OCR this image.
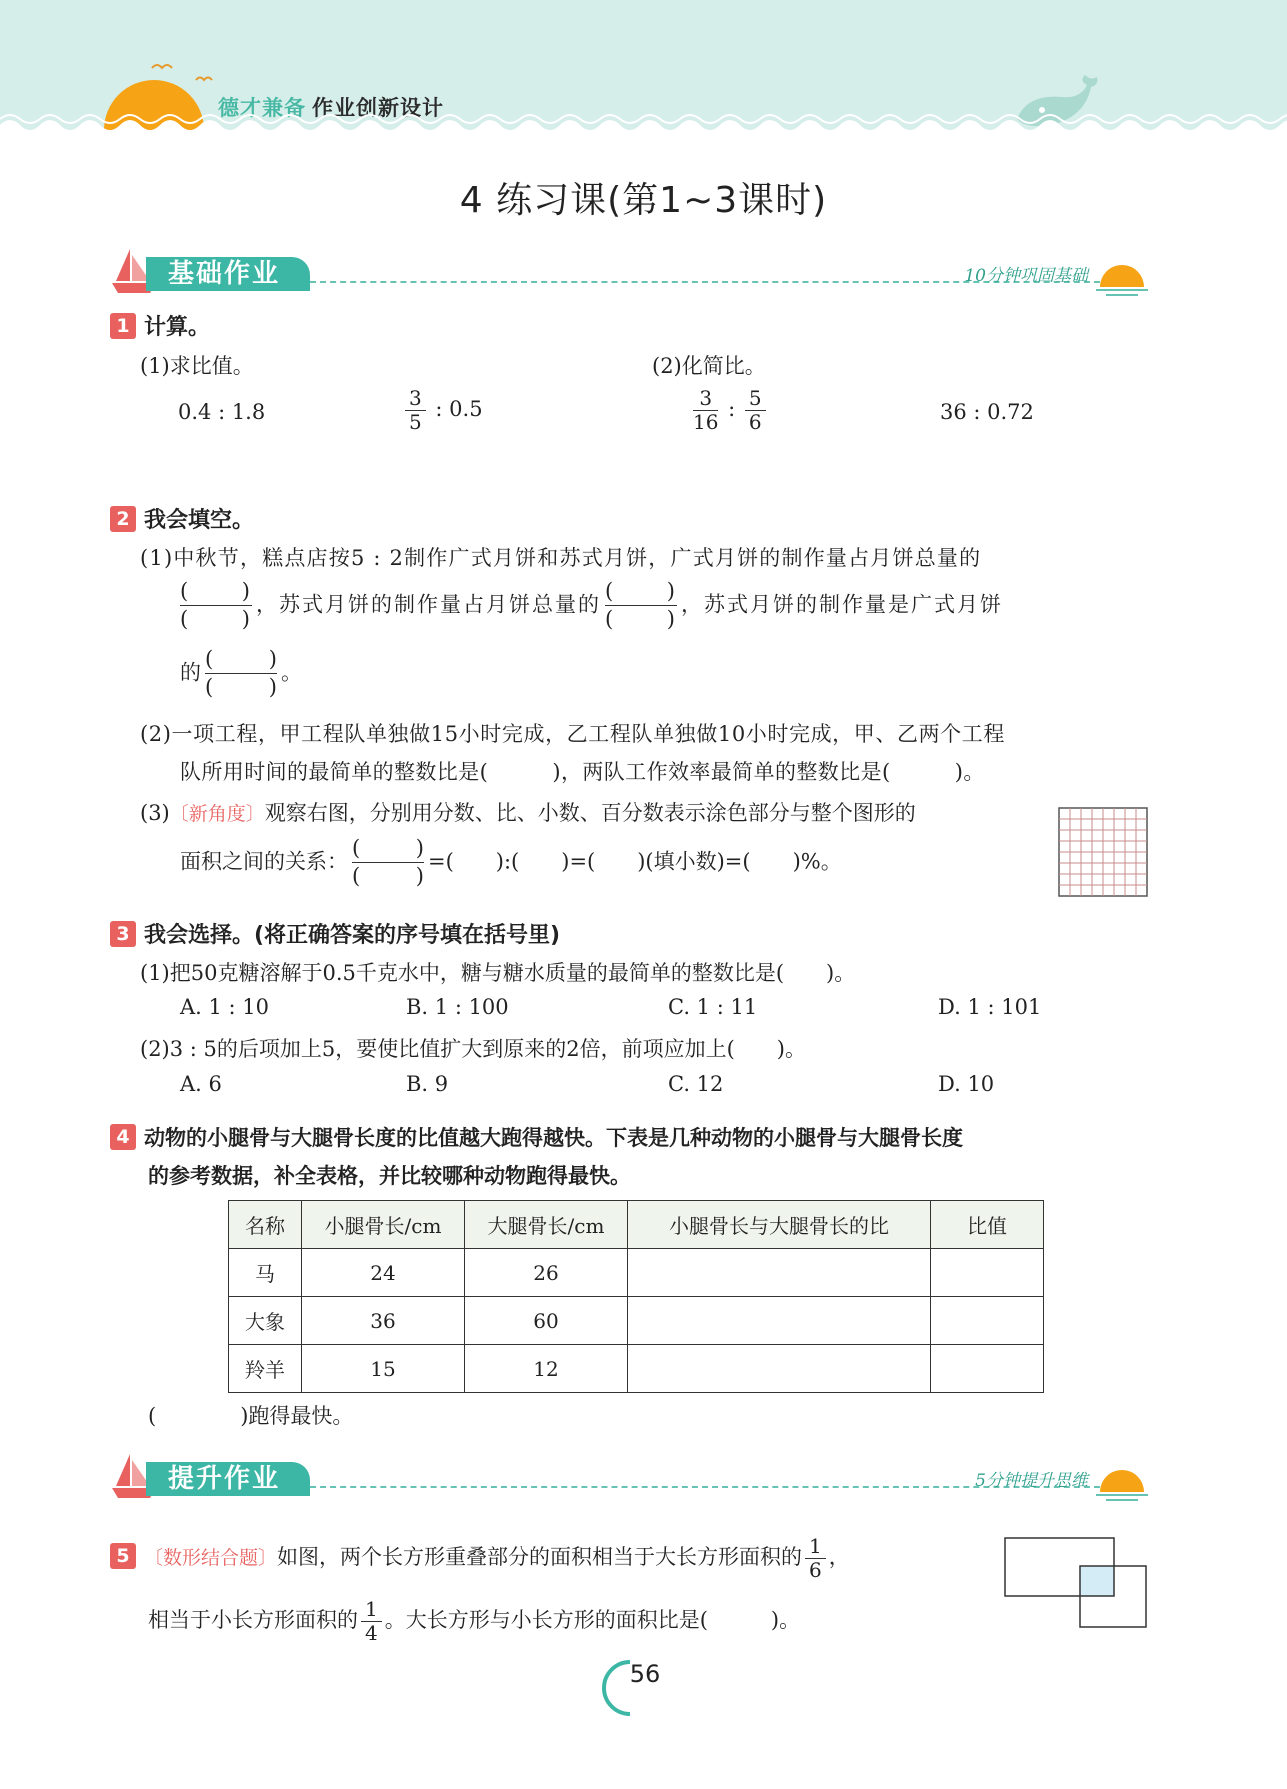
德才兼备 作业创新设计
4 练习课(第1~3课时)
基础作业	10分钟巩固基础
1 计算。
(1)求比值。	(2)化简比。
0.4 : 1.8	$\frac{3}{5}$ : 0.5	$\frac{3}{16}$ : $\frac{5}{6}$	36 : 0.72
2 我会填空。
(1)中秋节，糕点店按5 : 2制作广式月饼和苏式月饼，广式月饼的制作量占月饼总量的
$\frac{( )}{( )}$ ，苏式月饼的制作量占月饼总量的 $\frac{( )}{( )}$ ，苏式月饼的制作量是广式月饼
的 (	)
(	) 。
(2)一项工程，甲工程队单独做15小时完成，乙工程队单独做10小时完成，甲、乙两个工程
队所用时间的最简单的整数比是(　　　)，两队工作效率最简单的整数比是(　　　)。
(3)〔新角度〕观察右图，分别用分数、比、小数、百分数表示涂色部分与整个图形的
面积之间的关系： (	)
(	) =(　　):(　　)=(　　)(填小数)=(　　)%。
3 我会选择。(将正确答案的序号填在括号里)
(1)把50克糖溶解于0.5千克水中，糖与糖水质量的最简单的整数比是(　　)。
A. 1 : 10	B. 1 : 100	C. 1 : 11	D. 1 : 101
(2)3 : 5的后项加上5，要使比值扩大到原来的2倍，前项应加上(　　)。
A. 6	B. 9	C. 12	D. 10
4 动物的小腿骨与大腿骨长度的比值越大跑得越快。下表是几种动物的小腿骨与大腿骨长度
的参考数据，补全表格，并比较哪种动物跑得最快。
名称	小腿骨长/cm	大腿骨长/cm	小腿骨长与大腿骨长的比	比值
马	24	26		
大象	36	60		
羚羊	15	12		
(　　　　)跑得最快。
提升作业	5分钟提升思维
5 〔数形结合题〕如图，两个长方形重叠部分的面积相当于大长方形面积的 $\frac{1}{6}$ ，
相当于小长方形面积的 $\frac{1}{4}$ 。大长方形与小长方形的面积比是(　　　)。
56
